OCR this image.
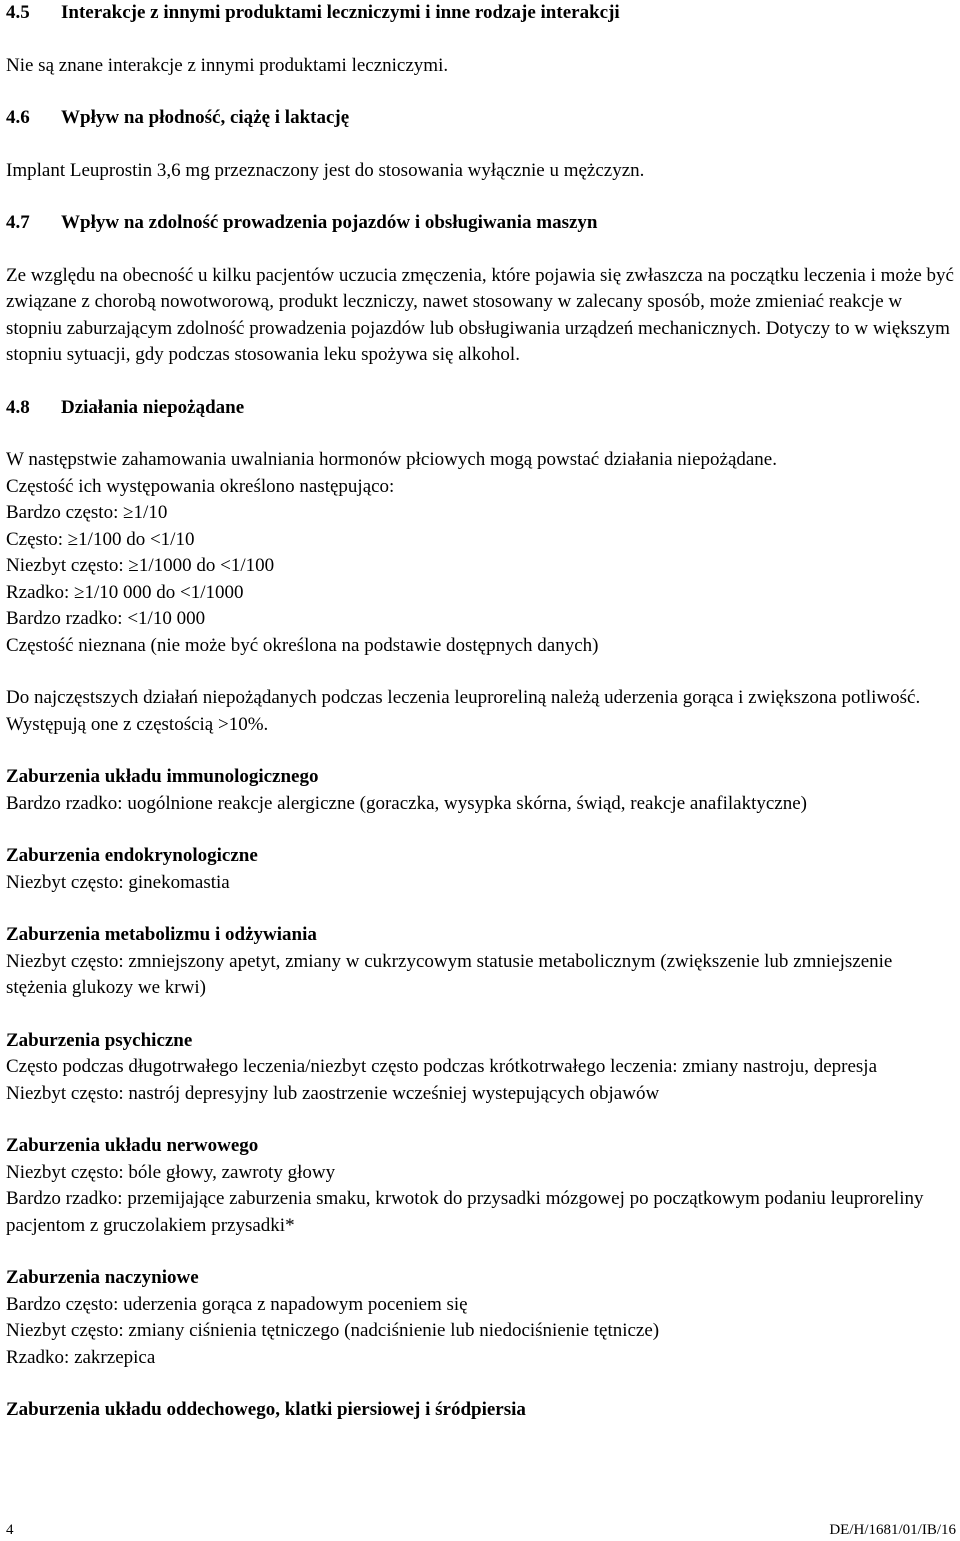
4.5 Interakcje z innymi produktami leczniczymi i inne rodzaje interakcji

Nie są znane interakcje z innymi produktami leczniczymi.

4.6 Wpływ na płodność, ciążę i laktację

Implant Leuprostin 3,6 mg przeznaczony jest do stosowania wyłącznie u mężczyzn.

4.7 Wpływ na zdolność prowadzenia pojazdów i obsługiwania maszyn

Ze względu na obecność u kilku pacjentów uczucia zmęczenia, które pojawia się zwłaszcza na początku leczenia i może być związane z chorobą nowotworową, produkt leczniczy, nawet stosowany w zalecany sposób, może zmieniać reakcje w stopniu zaburzającym zdolność prowadzenia pojazdów lub obsługiwania urządzeń mechanicznych. Dotyczy to w większym stopniu sytuacji, gdy podczas stosowania leku spożywa się alkohol.

4.8 Działania niepożądane

W następstwie zahamowania uwalniania hormonów płciowych mogą powstać działania niepożądane.

Częstość ich występowania określono następująco:

Bardzo często: ≥1/10

Często: ≥1/100 do <1/10

Niezbyt często: ≥1/1000 do <1/100

Rzadko: ≥1/10 000 do <1/1000

Bardzo rzadko: <1/10 000

Częstość nieznana (nie może być określona na podstawie dostępnych danych)

Do najczęstszych działań niepożądanych podczas leczenia leuproreliną należą uderzenia gorąca i zwiększona potliwość. Występują one z częstością >10%.

Zaburzenia układu immunologicznego

Bardzo rzadko: uogólnione reakcje alergiczne (goraczka, wysypka skórna, świąd, reakcje anafilaktyczne)

Zaburzenia endokrynologiczne

Niezbyt często: ginekomastia

Zaburzenia metabolizmu i odżywiania

Niezbyt często: zmniejszony apetyt, zmiany w cukrzycowym statusie metabolicznym (zwiększenie lub zmniejszenie stężenia glukozy we krwi)

Zaburzenia psychiczne

Często podczas długotrwałego leczenia/niezbyt często podczas krótkotrwałego leczenia: zmiany nastroju, depresja

Niezbyt często: nastrój depresyjny lub zaostrzenie wcześniej wystepujących objawów

Zaburzenia układu nerwowego

Niezbyt często: bóle głowy, zawroty głowy

Bardzo rzadko: przemijające zaburzenia smaku, krwotok do przysadki mózgowej po początkowym podaniu leuproreliny pacjentom z gruczolakiem przysadki*

Zaburzenia naczyniowe

Bardzo często: uderzenia gorąca z napadowym poceniem się

Niezbyt często: zmiany ciśnienia tętniczego (nadciśnienie lub niedociśnienie tętnicze)

Rzadko: zakrzepica

Zaburzenia układu oddechowego, klatki piersiowej i śródpiersia

4	DE/H/1681/01/IB/16
